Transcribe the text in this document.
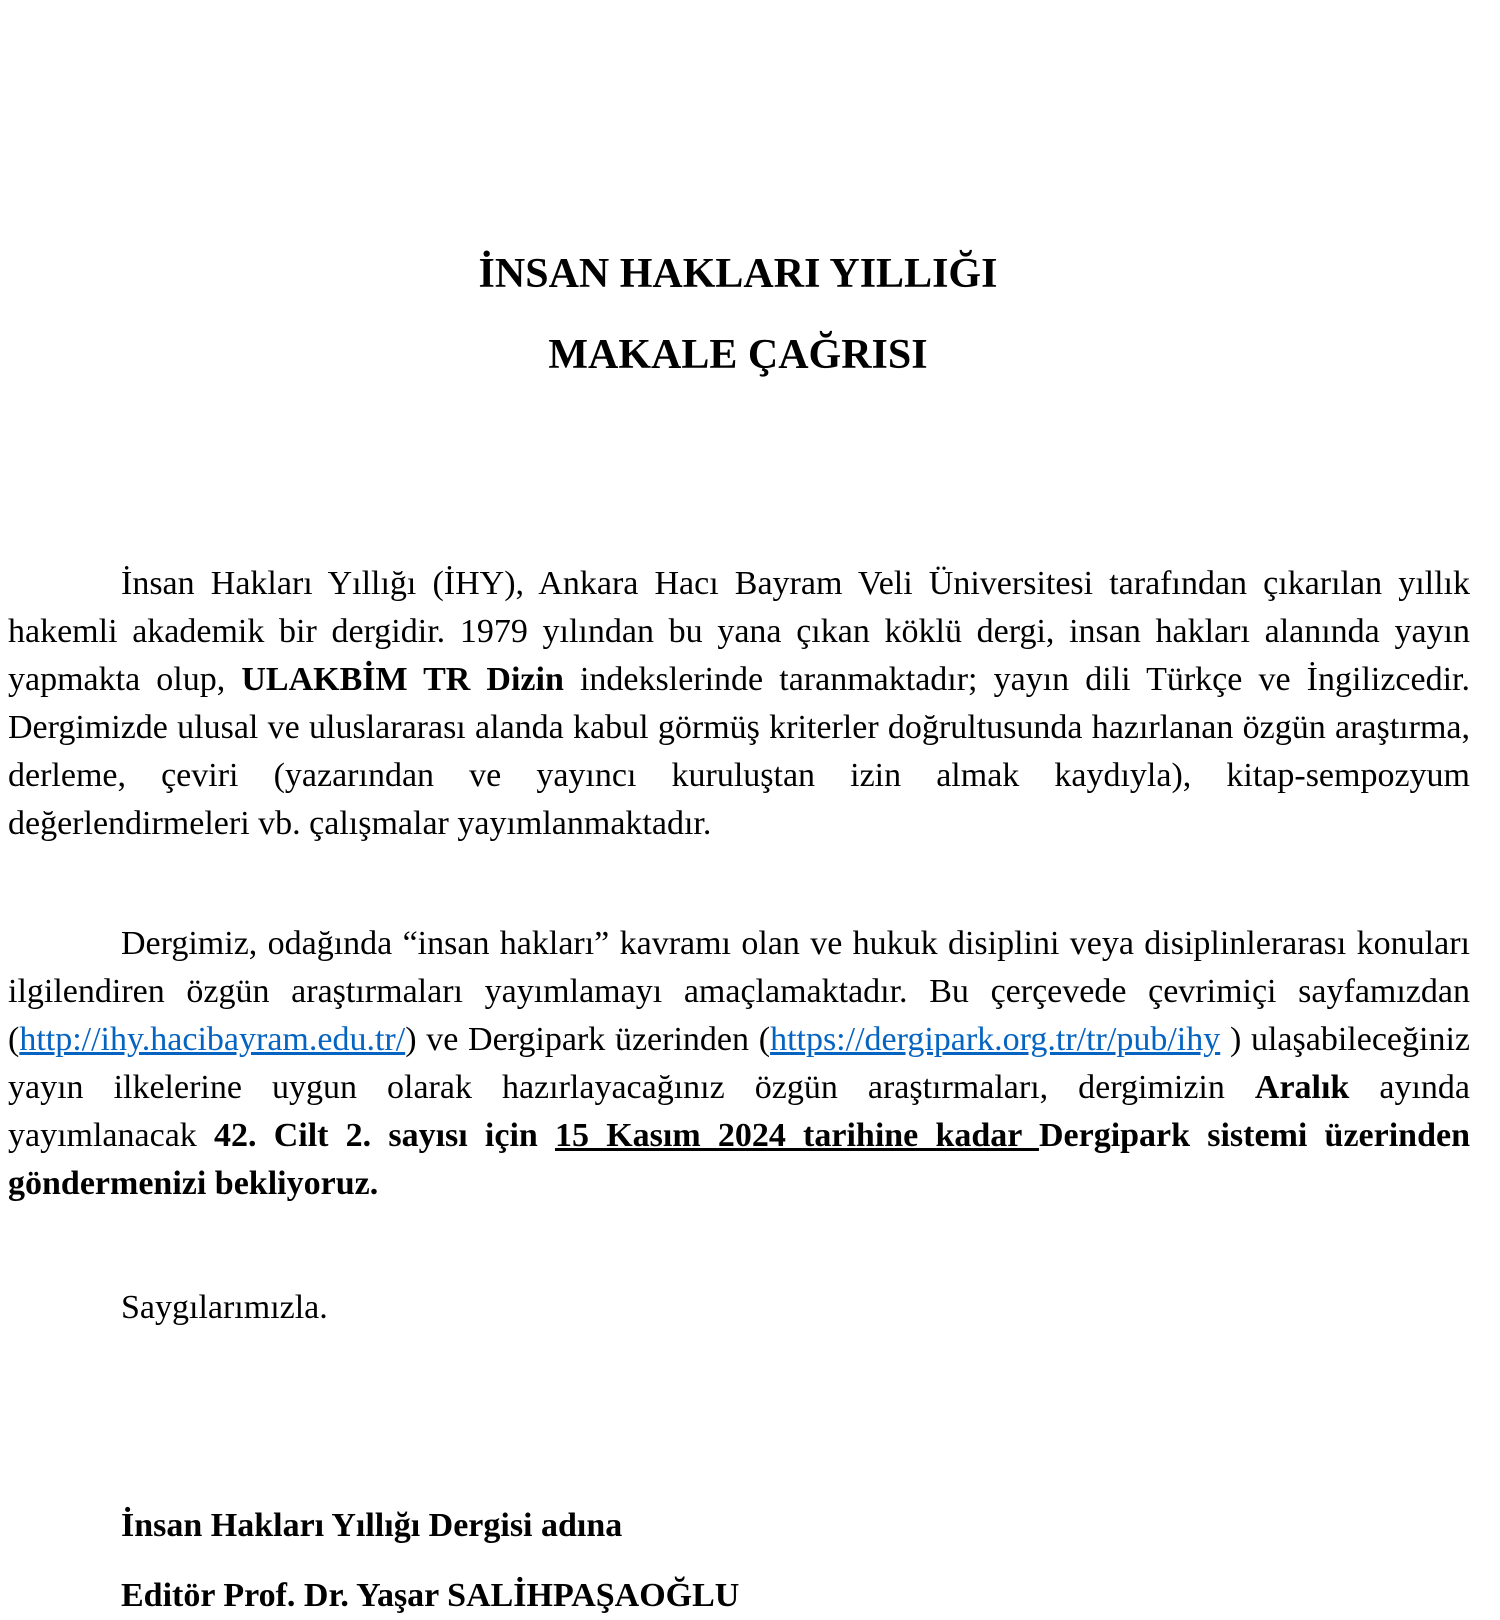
İNSAN HAKLARI YILLIĞI
MAKALE ÇAĞRISI

İnsan Hakları Yıllığı (İHY), Ankara Hacı Bayram Veli Üniversitesi tarafından çıkarılan yıllık hakemli akademik bir dergidir. 1979 yılından bu yana çıkan köklü dergi, insan hakları alanında yayın yapmakta olup, ULAKBİM TR Dizin indekslerinde taranmaktadır; yayın dili Türkçe ve İngilizcedir. Dergimizde ulusal ve uluslararası alanda kabul görmüş kriterler doğrultusunda hazırlanan özgün araştırma, derleme, çeviri (yazarından ve yayıncı kuruluştan izin almak kaydıyla), kitap-sempozyum değerlendirmeleri vb. çalışmalar yayımlanmaktadır.

Dergimiz, odağında “insan hakları” kavramı olan ve hukuk disiplini veya disiplinlerarası konuları ilgilendiren özgün araştırmaları yayımlamayı amaçlamaktadır. Bu çerçevede çevrimiçi sayfamızdan (http://ihy.hacibayram.edu.tr/) ve Dergipark üzerinden (https://dergipark.org.tr/tr/pub/ihy ) ulaşabileceğiniz yayın ilkelerine uygun olarak hazırlayacağınız özgün araştırmaları, dergimizin Aralık ayında yayımlanacak 42. Cilt 2. sayısı için 15 Kasım 2024 tarihine kadar Dergipark sistemi üzerinden göndermenizi bekliyoruz.

Saygılarımızla.

İnsan Hakları Yıllığı Dergisi adına

Editör Prof. Dr. Yaşar SALİHPAŞAOĞLU
